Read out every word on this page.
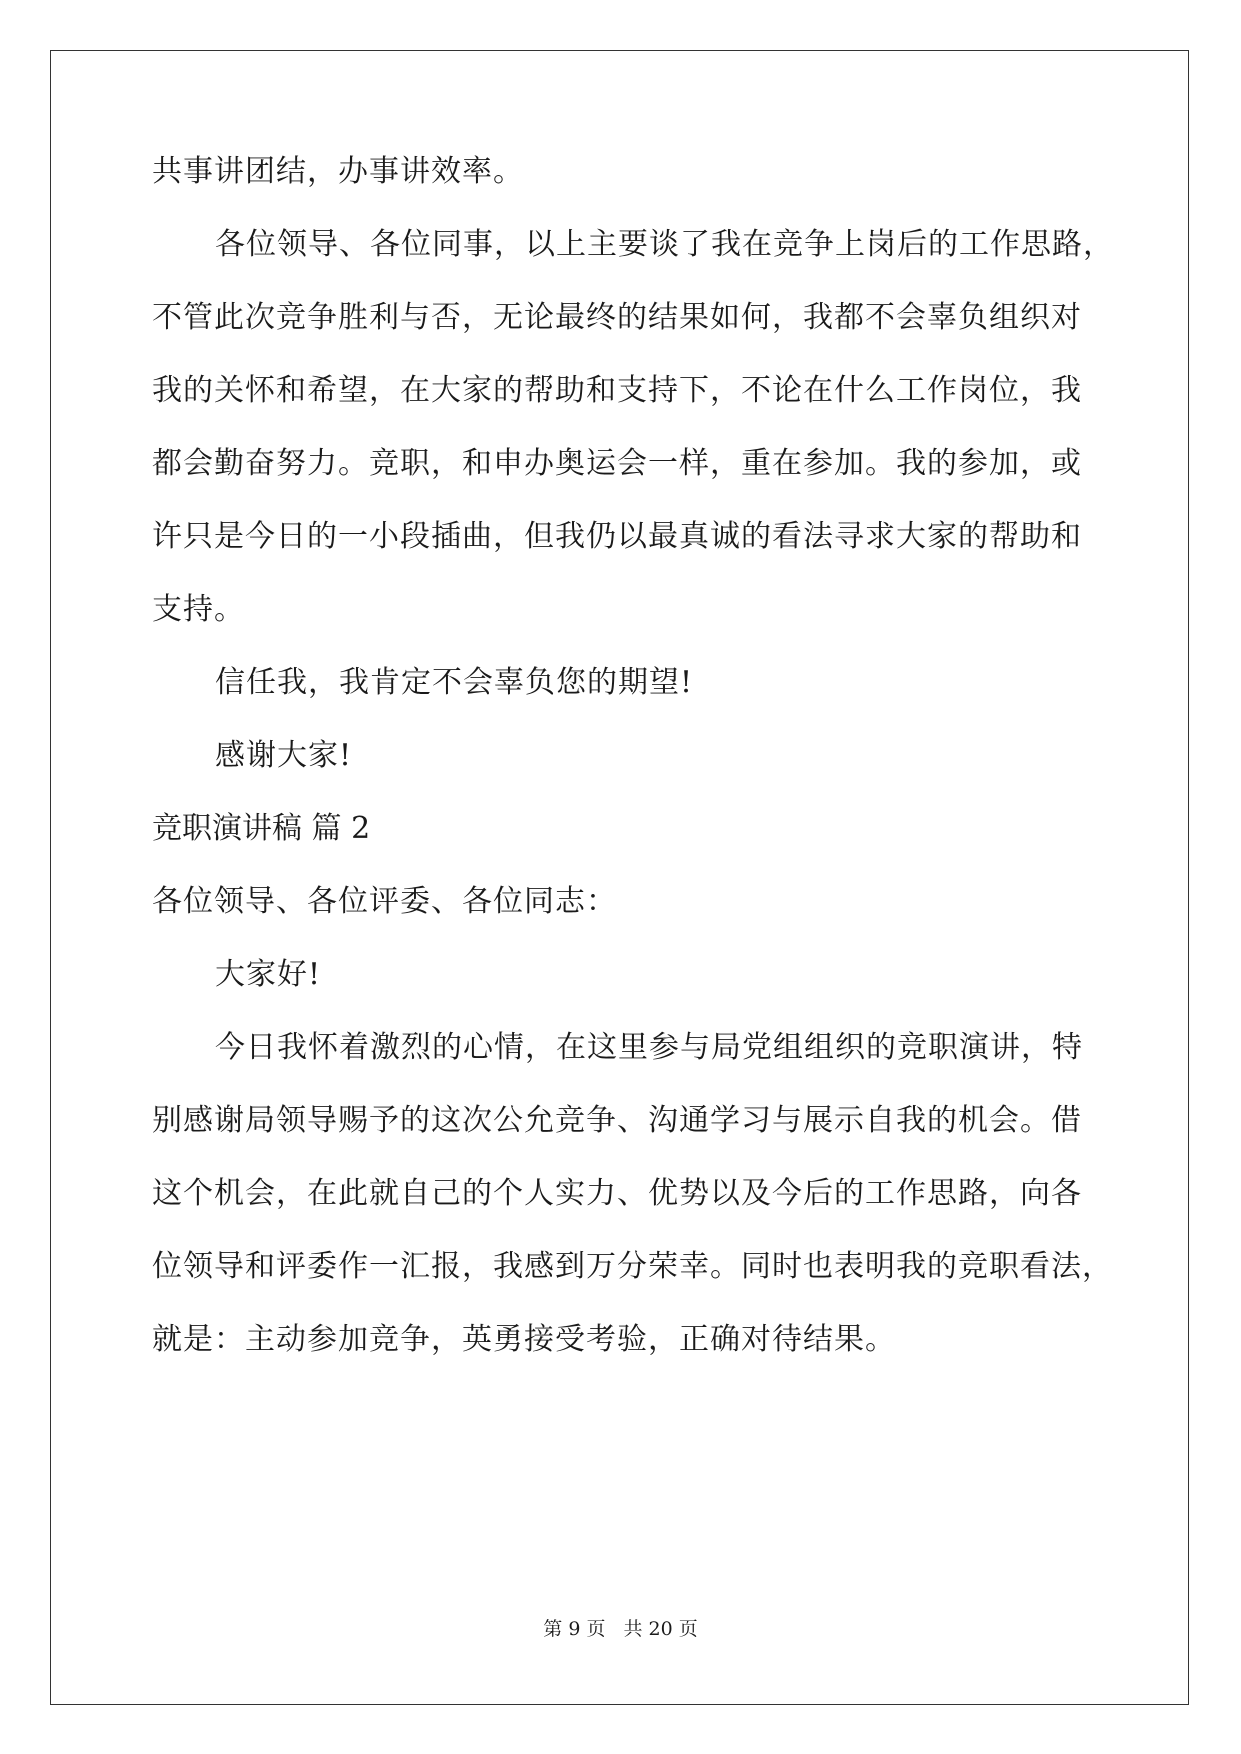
共事讲团结，办事讲效率。
各位领导、各位同事，以上主要谈了我在竞争上岗后的工作思路，
不管此次竞争胜利与否，无论最终的结果如何，我都不会辜负组织对
我的关怀和希望，在大家的帮助和支持下，不论在什么工作岗位，我
都会勤奋努力。竞职，和申办奥运会一样，重在参加。我的参加，或
许只是今日的一小段插曲，但我仍以最真诚的看法寻求大家的帮助和
支持。
信任我，我肯定不会辜负您的期望!
感谢大家!
竞职演讲稿 篇 2
各位领导、各位评委、各位同志：
大家好!
今日我怀着激烈的心情，在这里参与局党组组织的竞职演讲，特
别感谢局领导赐予的这次公允竞争、沟通学习与展示自我的机会。借
这个机会，在此就自己的个人实力、优势以及今后的工作思路，向各
位领导和评委作一汇报，我感到万分荣幸。同时也表明我的竞职看法，
就是：主动参加竞争，英勇接受考验，正确对待结果。
第 9 页 共 20 页
